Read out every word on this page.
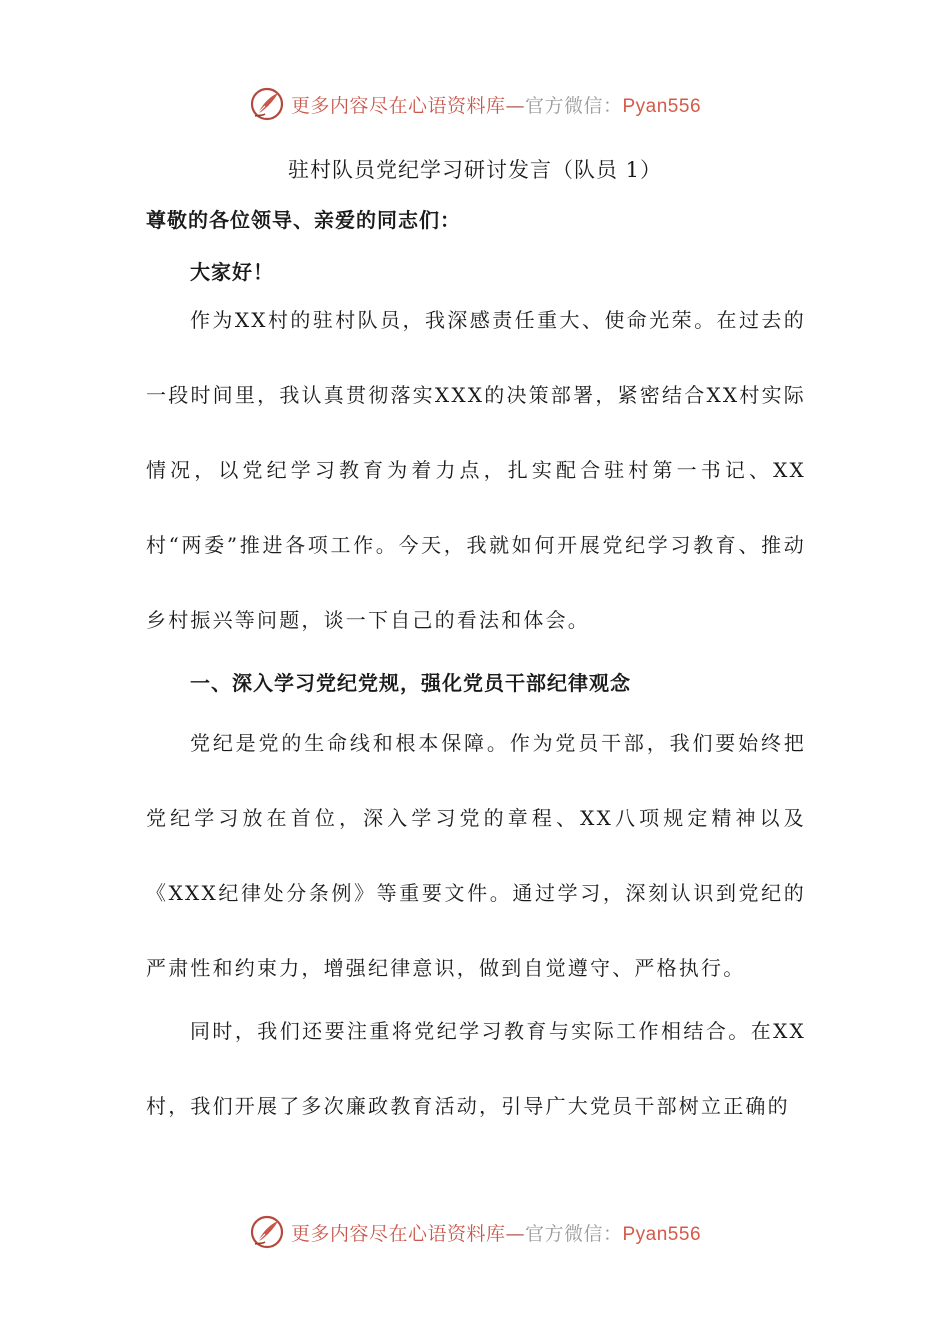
更多内容尽在心语资料库—官方微信：Pyan556
驻村队员党纪学习研讨发言（队员 1）
尊敬的各位领导、亲爱的同志们：
大家好！

作为XX村的驻村队员，我深感责任重大、使命光荣。在过去的一段时间里，我认真贯彻落实XXX的决策部署，紧密结合XX村实际情况，以党纪学习教育为着力点，扎实配合驻村第一书记、XX村“两委”推进各项工作。今天，我就如何开展党纪学习教育、推动乡村振兴等问题，谈一下自己的看法和体会。

一、深入学习党纪党规，强化党员干部纪律观念

党纪是党的生命线和根本保障。作为党员干部，我们要始终把党纪学习放在首位，深入学习党的章程、XX八项规定精神以及《XXX纪律处分条例》等重要文件。通过学习，深刻认识到党纪的严肃性和约束力，增强纪律意识，做到自觉遵守、严格执行。

同时，我们还要注重将党纪学习教育与实际工作相结合。在XX村，我们开展了多次廉政教育活动，引导广大党员干部树立正确的

更多内容尽在心语资料库—官方微信：Pyan556
